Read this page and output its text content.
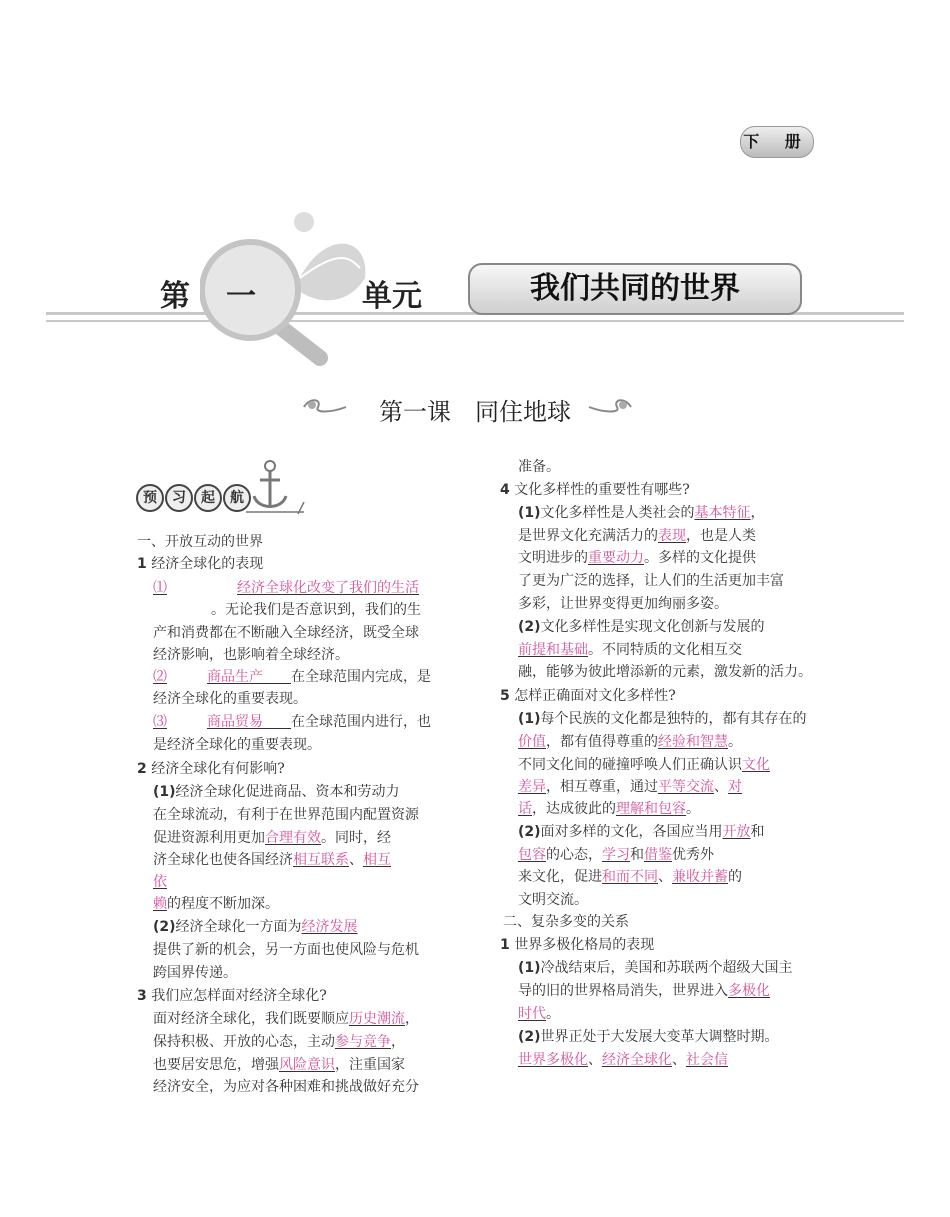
下 册
第 一	单元	我们共同的世界
第一课　同住地球
预 习 起 航
一、开放互动的世界
1 经济全球化的表现
⑴	经济全球化改变了我们的生活
。无论我们是否意识到，我们的生
产和消费都在不断融入全球经济，既受全球
经济影响，也影响着全球经济。
⑵	商品生产　　 在全球范围内完成，是
经济全球化的重要表现。
⑶	商品贸易　　 在全球范围内进行，也
是经济全球化的重要表现。
2 经济全球化有何影响?
(1)经济全球化促进商品、资本和劳动力
在全球流动，有利于在世界范围内配置资源
促进资源利用更加合理有效。同时，经
济全球化也使各国经济相互联系、相互
依
赖的程度不断加深。
(2)经济全球化一方面为经济发展
提供了新的机会，另一方面也使风险与危机
跨国界传递。
3 我们应怎样面对经济全球化?
面对经济全球化，我们既要顺应历史潮流，
保持积极、开放的心态，主动参与竞争，
也要居安思危，增强风险意识，注重国家
经济安全，为应对各种困难和挑战做好充分
准备。
4 文化多样性的重要性有哪些?
(1)文化多样性是人类社会的基本特征，
是世界文化充满活力的表现，也是人类
文明进步的重要动力。多样的文化提供
了更为广泛的选择，让人们的生活更加丰富
多彩，让世界变得更加绚丽多姿。
(2)文化多样性是实现文化创新与发展的
前提和基础。不同特质的文化相互交
融，能够为彼此增添新的元素，激发新的活力。
5 怎样正确面对文化多样性?
(1)每个民族的文化都是独特的，都有其存在的
价值，都有值得尊重的经验和智慧。
不同文化间的碰撞呼唤人们正确认识文化
差异，相互尊重，通过平等交流、对
话，达成彼此的理解和包容。
(2)面对多样的文化，各国应当用开放和
包容的心态，学习和借鉴优秀外
来文化，促进和而不同、兼收并蓄的
文明交流。
二、复杂多变的关系
1 世界多极化格局的表现
(1)冷战结束后，美国和苏联两个超级大国主
导的旧的世界格局消失，世界进入多极化
时代。
(2)世界正处于大发展大变革大调整时期。
世界多极化、经济全球化、社会信
